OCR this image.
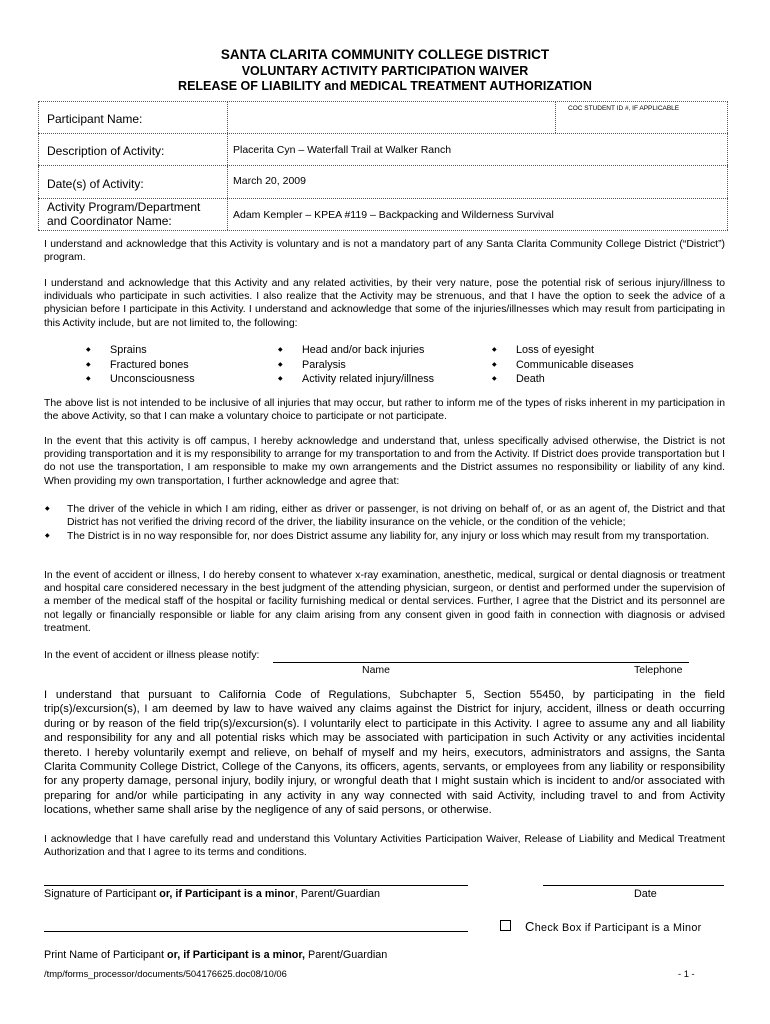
SANTA CLARITA COMMUNITY COLLEGE DISTRICT
VOLUNTARY ACTIVITY PARTICIPATION WAIVER
RELEASE OF LIABILITY and MEDICAL TREATMENT AUTHORIZATION
Participant Name:
COC STUDENT ID #, IF APPLICABLE
Description of Activity:	Placerita Cyn – Waterfall Trail at Walker Ranch
Date(s) of Activity:	March 20, 2009
Activity Program/Department
and Coordinator Name:	Adam Kempler – KPEA #119 – Backpacking and Wilderness Survival
I understand and acknowledge that this Activity is voluntary and is not a mandatory part of any Santa Clarita Community College District (“District”) program.
I understand and acknowledge that this Activity and any related activities, by their very nature, pose the potential risk of serious injury/illness to individuals who participate in such activities. I also realize that the Activity may be strenuous, and that I have the option to seek the advice of a physician before I participate in this Activity. I understand and acknowledge that some of the injuries/illnesses which may result from participating in this Activity include, but are not limited to, the following:
◆ Sprains
◆ Fractured bones
◆ Unconsciousness
◆ Head and/or back injuries
◆ Paralysis
◆ Activity related injury/illness
◆ Loss of eyesight
◆ Communicable diseases
◆ Death
The above list is not intended to be inclusive of all injuries that may occur, but rather to inform me of the types of risks inherent in my participation in the above Activity, so that I can make a voluntary choice to participate or not participate.
In the event that this activity is off campus, I hereby acknowledge and understand that, unless specifically advised otherwise, the District is not providing transportation and it is my responsibility to arrange for my transportation to and from the Activity. If District does provide transportation but I do not use the transportation, I am responsible to make my own arrangements and the District assumes no responsibility or liability of any kind. When providing my own transportation, I further acknowledge and agree that:
◆ The driver of the vehicle in which I am riding, either as driver or passenger, is not driving on behalf of, or as an agent of, the District and that District has not verified the driving record of the driver, the liability insurance on the vehicle, or the condition of the vehicle;
◆ The District is in no way responsible for, nor does District assume any liability for, any injury or loss which may result from my transportation.
In the event of accident or illness, I do hereby consent to whatever x-ray examination, anesthetic, medical, surgical or dental diagnosis or treatment and hospital care considered necessary in the best judgment of the attending physician, surgeon, or dentist and performed under the supervision of a member of the medical staff of the hospital or facility furnishing medical or dental services. Further, I agree that the District and its personnel are not legally or financially responsible or liable for any claim arising from any consent given in good faith in connection with diagnosis or advised treatment.
In the event of accident or illness please notify:
Name	Telephone
I understand that pursuant to California Code of Regulations, Subchapter 5, Section 55450, by participating in the field trip(s)/excursion(s), I am deemed by law to have waived any claims against the District for injury, accident, illness or death occurring during or by reason of the field trip(s)/excursion(s). I voluntarily elect to participate in this Activity. I agree to assume any and all liability and responsibility for any and all potential risks which may be associated with participation in such Activity or any activities incidental thereto. I hereby voluntarily exempt and relieve, on behalf of myself and my heirs, executors, administrators and assigns, the Santa Clarita Community College District, College of the Canyons, its officers, agents, servants, or employees from any liability or responsibility for any property damage, personal injury, bodily injury, or wrongful death that I might sustain which is incident to and/or associated with preparing for and/or while participating in any activity in any way connected with said Activity, including travel to and from Activity locations, whether same shall arise by the negligence of any of said persons, or otherwise.
I acknowledge that I have carefully read and understand this Voluntary Activities Participation Waiver, Release of Liability and Medical Treatment Authorization and that I agree to its terms and conditions.
Signature of Participant or, if Participant is a minor, Parent/Guardian	Date
Check Box if Participant is a Minor
Print Name of Participant or, if Participant is a minor, Parent/Guardian
/tmp/forms_processor/documents/504176625.doc08/10/06	- 1 -
